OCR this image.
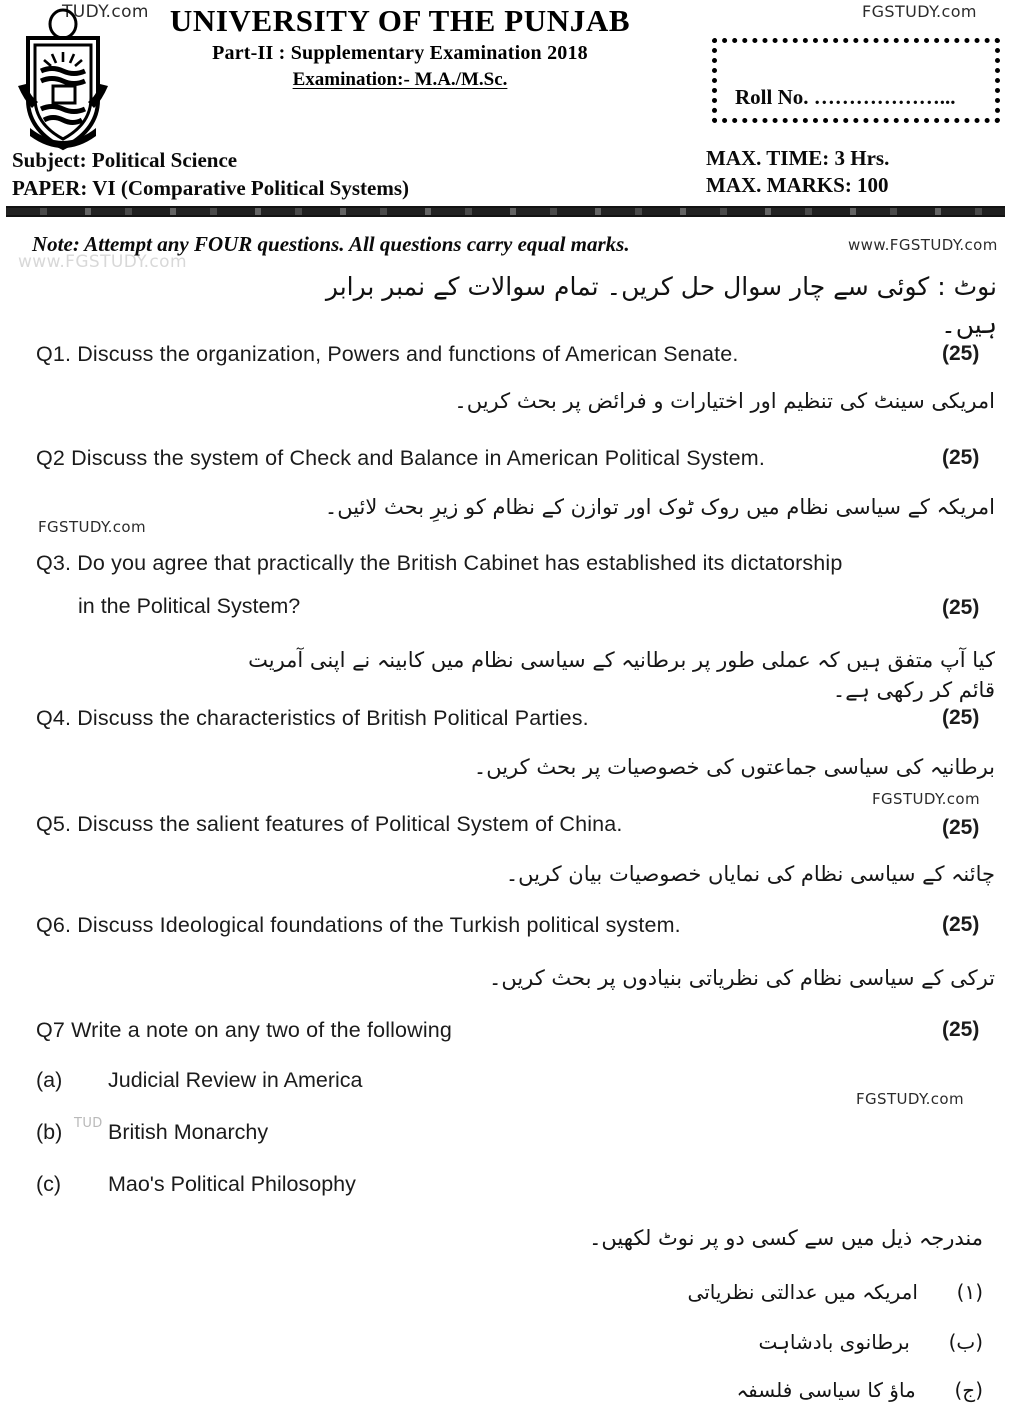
TUDY.com	FGSTUDY.com
www.FGSTUDY.com
www.FGSTUDY.com
FGSTUDY.com
FGSTUDY.com
FGSTUDY.com
UNIVERSITY OF THE PUNJAB
Part-II : Supplementary Examination 2018
Examination:- M.A./M.Sc.
Roll No. ………………...
Subject: Political Science
PAPER: VI (Comparative Political Systems)
MAX. TIME: 3 Hrs.
MAX. MARKS: 100
Note: Attempt any FOUR questions. All questions carry equal marks.
نوٹ : کوئی سے چار سوال حل کریں۔ تمام سوالات کے نمبر برابر ہیں۔
Q1. Discuss the organization, Powers and functions of American Senate.	(25)
امریکی سینٹ کی تنظیم اور اختیارات و فرائض پر بحث کریں۔
Q2 Discuss the system of Check and Balance in American Political System.	(25)
امریکہ کے سیاسی نظام میں روک ٹوک اور توازن کے نظام کو زیرِ بحث لائیں۔
Q3. Do you agree that practically the British Cabinet has established its dictatorship
in the Political System?	(25)
کیا آپ متفق ہیں کہ عملی طور پر برطانیہ کے سیاسی نظام میں کابینہ نے اپنی آمریت قائم کر رکھی ہے۔
Q4. Discuss the characteristics of British Political Parties.	(25)
برطانیہ کی سیاسی جماعتوں کی خصوصیات پر بحث کریں۔
Q5. Discuss the salient features of Political System of China.	(25)
چائنہ کے سیاسی نظام کی نمایاں خصوصیات بیان کریں۔
Q6. Discuss Ideological foundations of the Turkish political system.	(25)
ترکی کے سیاسی نظام کی نظریاتی بنیادوں پر بحث کریں۔
Q7 Write a note on any two of the following	(25)
(a) Judicial Review in America
(b) British Monarchy
TUD
(c) Mao's Political Philosophy
مندرجہ ذیل میں سے کسی دو پر نوٹ لکھیں۔
(۱)  امریکہ میں عدالتی نظریاتی
(ب)  برطانوی بادشاہت
(ج)  ماؤ کا سیاسی فلسفہ
